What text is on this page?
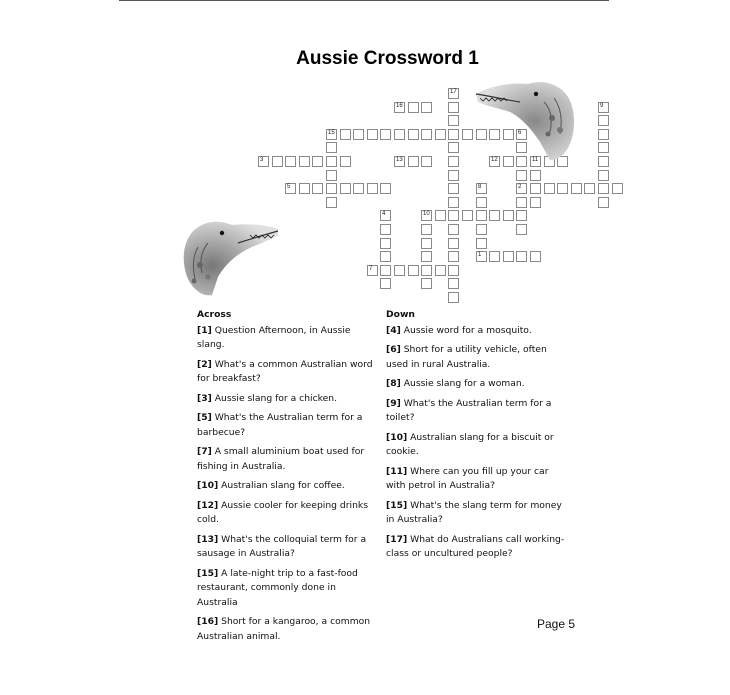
Aussie Crossword 1
17
16	9
15	6
2
3	13	12	11
5	8
1
4	10
7
Across
[1] Question Afternoon, in Aussie slang.
[2] What's a common Australian word for breakfast?
[3] Aussie slang for a chicken.
[5] What's the Australian term for a barbecue?
[7] A small aluminium boat used for fishing in Australia.
[10] Australian slang for coffee.
[12] Aussie cooler for keeping drinks cold.
[13] What's the colloquial term for a sausage in Australia?
[15] A late-night trip to a fast-food restaurant, commonly done in Australia
[16] Short for a kangaroo, a common Australian animal.
Down
[4] Aussie word for a mosquito.
[6] Short for a utility vehicle, often used in rural Australia.
[8] Aussie slang for a woman.
[9] What's the Australian term for a toilet?
[10] Australian slang for a biscuit or cookie.
[11] Where can you fill up your car with petrol in Australia?
[15] What's the slang term for money in Australia?
[17] What do Australians call working-class or uncultured people?
Page 5
